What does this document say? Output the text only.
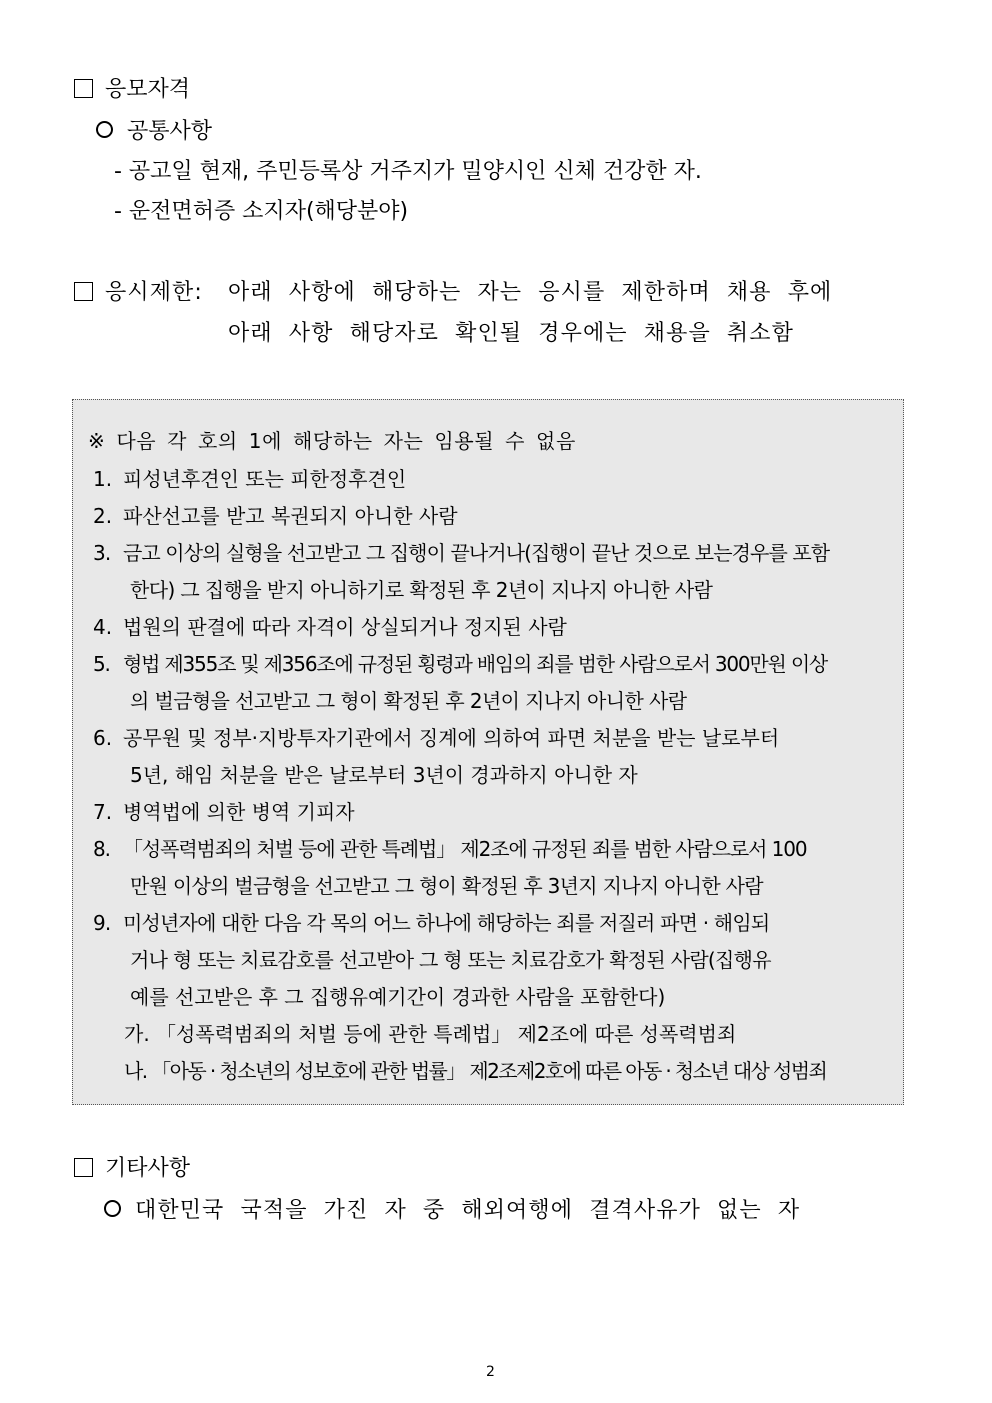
응모자격
공통사항
- 공고일 현재, 주민등록상 거주지가 밀양시인 신체 건강한 자.
- 운전면허증 소지자(해당분야)
응시제한: 아래 사항에 해당하는 자는 응시를 제한하며 채용 후에
아래 사항 해당자로 확인될 경우에는 채용을 취소함
※ 다음 각 호의 1에 해당하는 자는 임용될 수 없음
1. 피성년후견인 또는 피한정후견인
2. 파산선고를 받고 복권되지 아니한 사람
3. 금고 이상의 실형을 선고받고 그 집행이 끝나거나(집행이 끝난 것으로 보는경우를 포함
한다) 그 집행을 받지 아니하기로 확정된 후 2년이 지나지 아니한 사람
4. 법원의 판결에 따라 자격이 상실되거나 정지된 사람
5. 형법 제355조 및 제356조에 규정된 횡령과 배임의 죄를 범한 사람으로서 300만원 이상
의 벌금형을 선고받고 그 형이 확정된 후 2년이 지나지 아니한 사람
6. 공무원 및 정부·지방투자기관에서 징계에 의하여 파면 처분을 받는 날로부터
5년, 해임 처분을 받은 날로부터 3년이 경과하지 아니한 자
7. 병역법에 의한 병역 기피자
8. 「성폭력범죄의 처벌 등에 관한 특례법」 제2조에 규정된 죄를 범한 사람으로서 100
만원 이상의 벌금형을 선고받고 그 형이 확정된 후 3년지 지나지 아니한 사람
9. 미성년자에 대한 다음 각 목의 어느 하나에 해당하는 죄를 저질러 파면 · 해임되
거나 형 또는 치료감호를 선고받아 그 형 또는 치료감호가 확정된 사람(집행유
예를 선고받은 후 그 집행유예기간이 경과한 사람을 포함한다)
가. 「성폭력범죄의 처벌 등에 관한 특례법」 제2조에 따른 성폭력범죄
나. 「아동 · 청소년의 성보호에 관한 법률」 제2조제2호에 따른 아동 · 청소년 대상 성범죄
기타사항
대한민국 국적을 가진 자 중 해외여행에 결격사유가 없는 자
2
